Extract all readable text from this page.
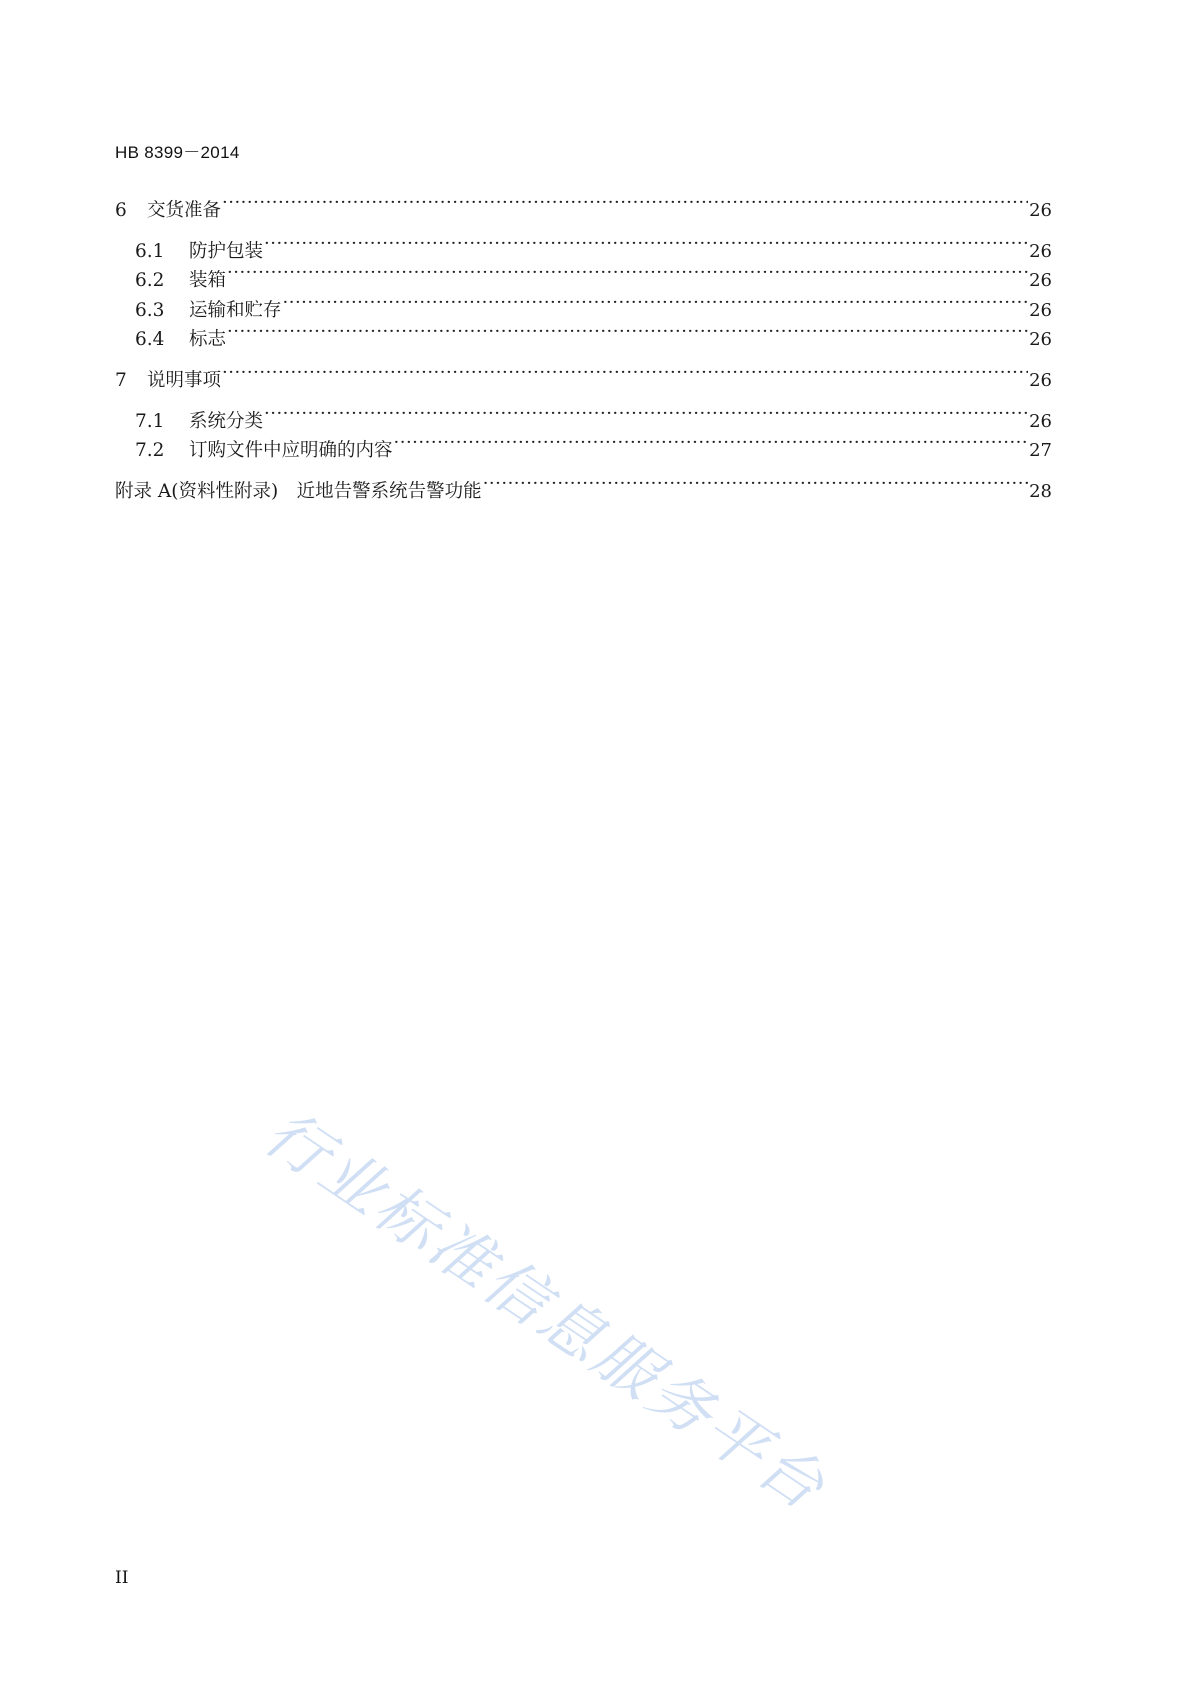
HB 8399－2014
6	交货准备 ·····	26
6.1	防护包装 ·····	26
6.2	装箱 ·····	26
6.3	运输和贮存 ·····	26
6.4	标志 ·····	26
7	说明事项 ·····	26
7.1	系统分类 ·····	26
7.2	订购文件中应明确的内容 ·····	27
附录 A(资料性附录)　近地告警系统告警功能 ·····	28
行业标准信息服务平台
II
